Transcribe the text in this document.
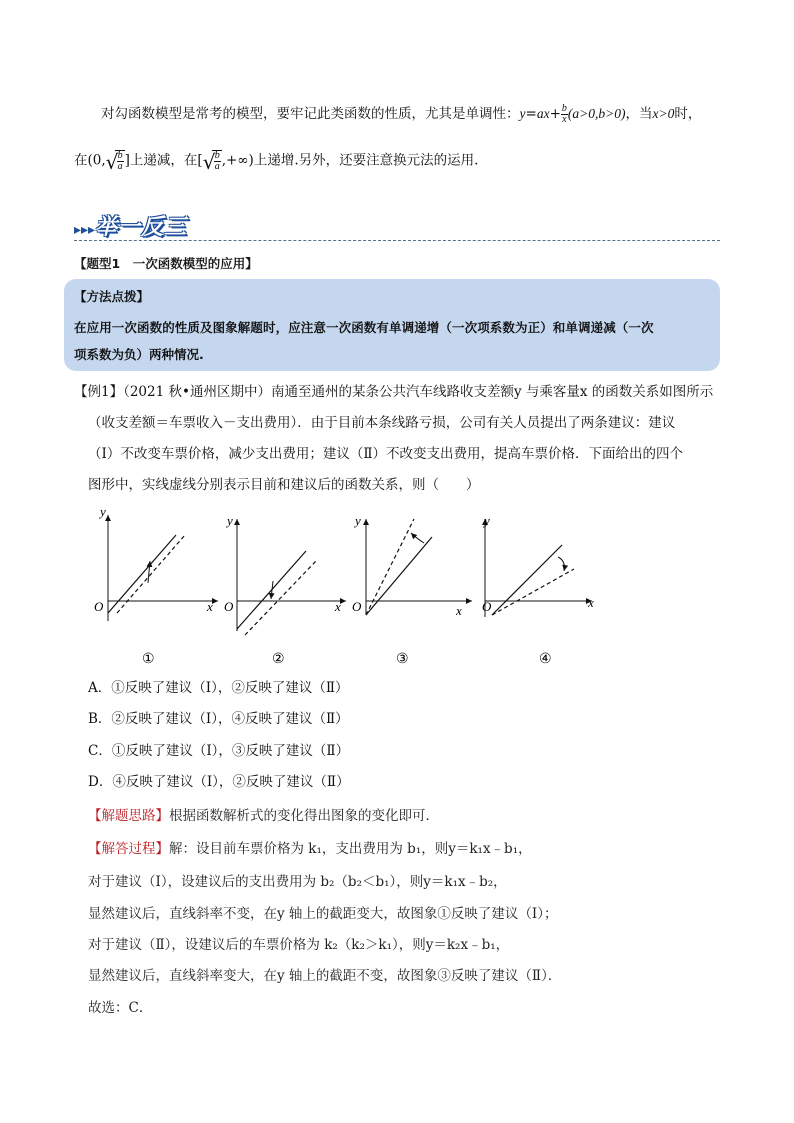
对勾函数模型是常考的模型，要牢记此类函数的性质，尤其是单调性：$y=ax+ \frac{b}{x} (a>0,b>0)$，当x>0时，
在(0, √
$\frac{b}{a}$ ]上递减，在[ √
$\frac{b}{a}$ ,+∞)上递增.另外，还要注意换元法的运用.
▸▸▸举一反三
【题型1　一次函数模型的应用】
【方法点拨】
在应用一次函数的性质及图象解题时，应注意一次函数有单调递增（一次项系数为正）和单调递减（一次
项系数为负）两种情况.
【例1】（2021 秋•通州区期中）南通至通州的某条公共汽车线路收支差额y 与乘客量x 的函数关系如图所示
（收支差额＝车票收入－支出费用）．由于目前本条线路亏损，公司有关人员提出了两条建议：建议
（Ⅰ）不改变车票价格，减少支出费用；建议（Ⅱ）不改变支出费用，提高车票价格．下面给出的四个
图形中，实线虚线分别表示目前和建议后的函数关系，则（　　）
y
x
O
①
y
x
O
②
y
x
O
③
y
x
O
④
A．①反映了建议（Ⅰ），②反映了建议（Ⅱ）
B．②反映了建议（Ⅰ），④反映了建议（Ⅱ）
C．①反映了建议（Ⅰ），③反映了建议（Ⅱ）
D．④反映了建议（Ⅰ），②反映了建议（Ⅱ）
【解题思路】根据函数解析式的变化得出图象的变化即可．
【解答过程】解：设目前车票价格为 k₁，支出费用为 b₁，则y＝k₁x﹣b₁，
对于建议（Ⅰ），设建议后的支出费用为 b₂（b₂＜b₁），则y＝k₁x﹣b₂，
显然建议后，直线斜率不变，在y 轴上的截距变大，故图象①反映了建议（Ⅰ）；
对于建议（Ⅱ），设建议后的车票价格为 k₂（k₂＞k₁），则y＝k₂x﹣b₁，
显然建议后，直线斜率变大，在y 轴上的截距不变，故图象③反映了建议（Ⅱ）．
故选：C．
